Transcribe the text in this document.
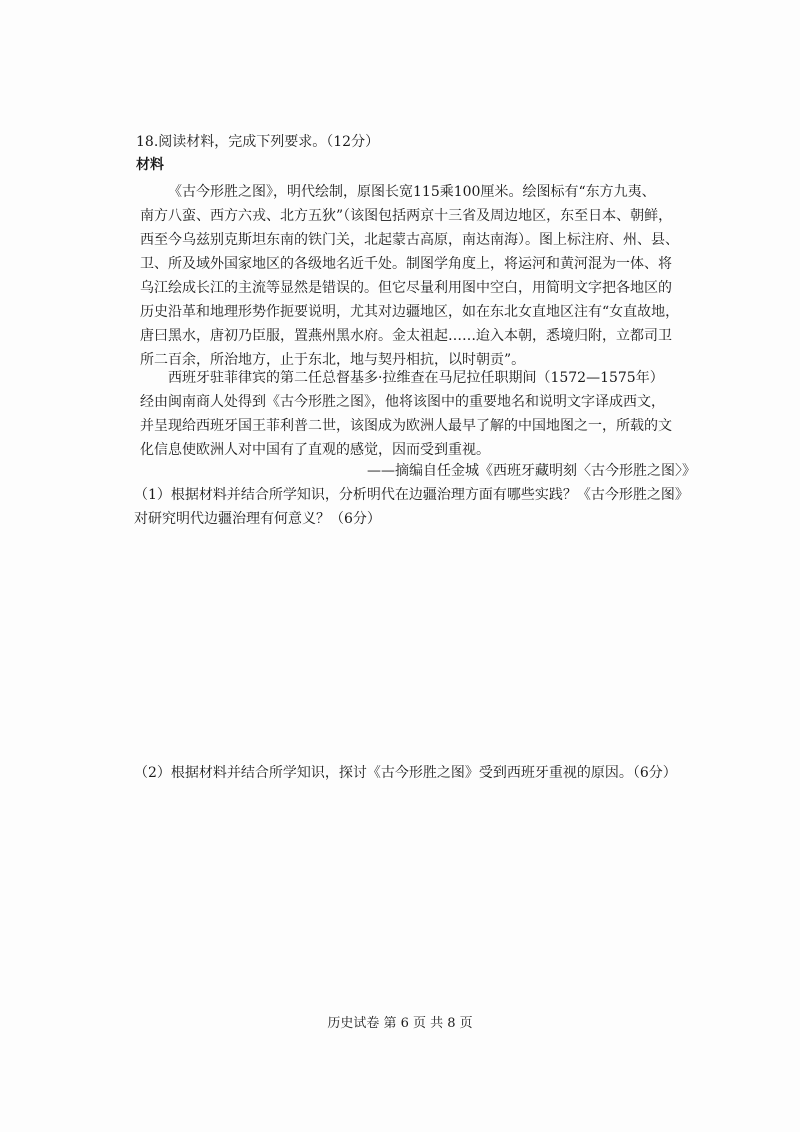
18.阅读材料，完成下列要求。（12分）
材料
《古今形胜之图》，明代绘制，原图长宽115乘100厘米。绘图标有“东方九夷、
南方八蛮、西方六戎、北方五狄”（该图包括两京十三省及周边地区，东至日本、朝鲜，
西至今乌兹别克斯坦东南的铁门关，北起蒙古高原，南达南海）。图上标注府、州、县、
卫、所及域外国家地区的各级地名近千处。制图学角度上，将运河和黄河混为一体、将
乌江绘成长江的主流等显然是错误的。但它尽量利用图中空白，用简明文字把各地区的
历史沿革和地理形势作扼要说明，尤其对边疆地区，如在东北女直地区注有“女直故地，
唐曰黑水，唐初乃臣服，置燕州黑水府。金太祖起……迨入本朝，悉境归附，立都司卫
所二百余，所治地方，止于东北，地与契丹相抗，以时朝贡”。
西班牙驻菲律宾的第二任总督基多·拉维查在马尼拉任职期间（1572—1575年）
经由闽南商人处得到《古今形胜之图》，他将该图中的重要地名和说明文字译成西文，
并呈现给西班牙国王菲利普二世，该图成为欧洲人最早了解的中国地图之一，所载的文
化信息使欧洲人对中国有了直观的感觉，因而受到重视。
——摘编自任金城《西班牙藏明刻〈古今形胜之图〉》
（1）根据材料并结合所学知识，分析明代在边疆治理方面有哪些实践？《古今形胜之图》
对研究明代边疆治理有何意义？（6分）
（2）根据材料并结合所学知识，探讨《古今形胜之图》受到西班牙重视的原因。（6分）
历史试卷 第 6 页 共 8 页
